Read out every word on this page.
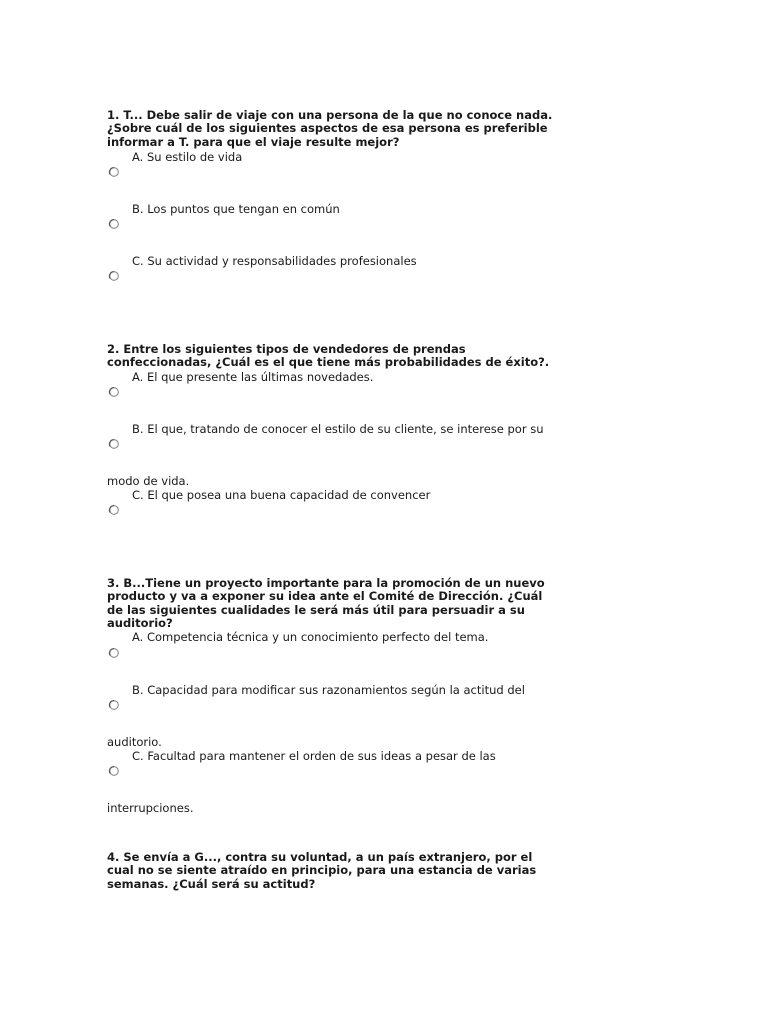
1. T... Debe salir de viaje con una persona de la que no conoce nada. ¿Sobre cuál de los siguientes aspectos de esa persona es preferible informar a T. para que el viaje resulte mejor?

A. Su estilo de vida
B. Los puntos que tengan en común
C. Su actividad y responsabilidades profesionales

2. Entre los siguientes tipos de vendedores de prendas confeccionadas, ¿Cuál es el que tiene más probabilidades de éxito?.

A. El que presente las últimas novedades.
B. El que, tratando de conocer el estilo de su cliente, se interese por su
modo de vida.
C. El que posea una buena capacidad de convencer

3. B...Tiene un proyecto importante para la promoción de un nuevo producto y va a exponer su idea ante el Comité de Dirección. ¿Cuál de las siguientes cualidades le será más útil para persuadir a su auditorio?

A. Competencia técnica y un conocimiento perfecto del tema.
B. Capacidad para modificar sus razonamientos según la actitud del
auditorio.
C. Facultad para mantener el orden de sus ideas a pesar de las
interrupciones.

4. Se envía a G..., contra su voluntad, a un país extranjero, por el cual no se siente atraído en principio, para una estancia de varias semanas. ¿Cuál será su actitud?
